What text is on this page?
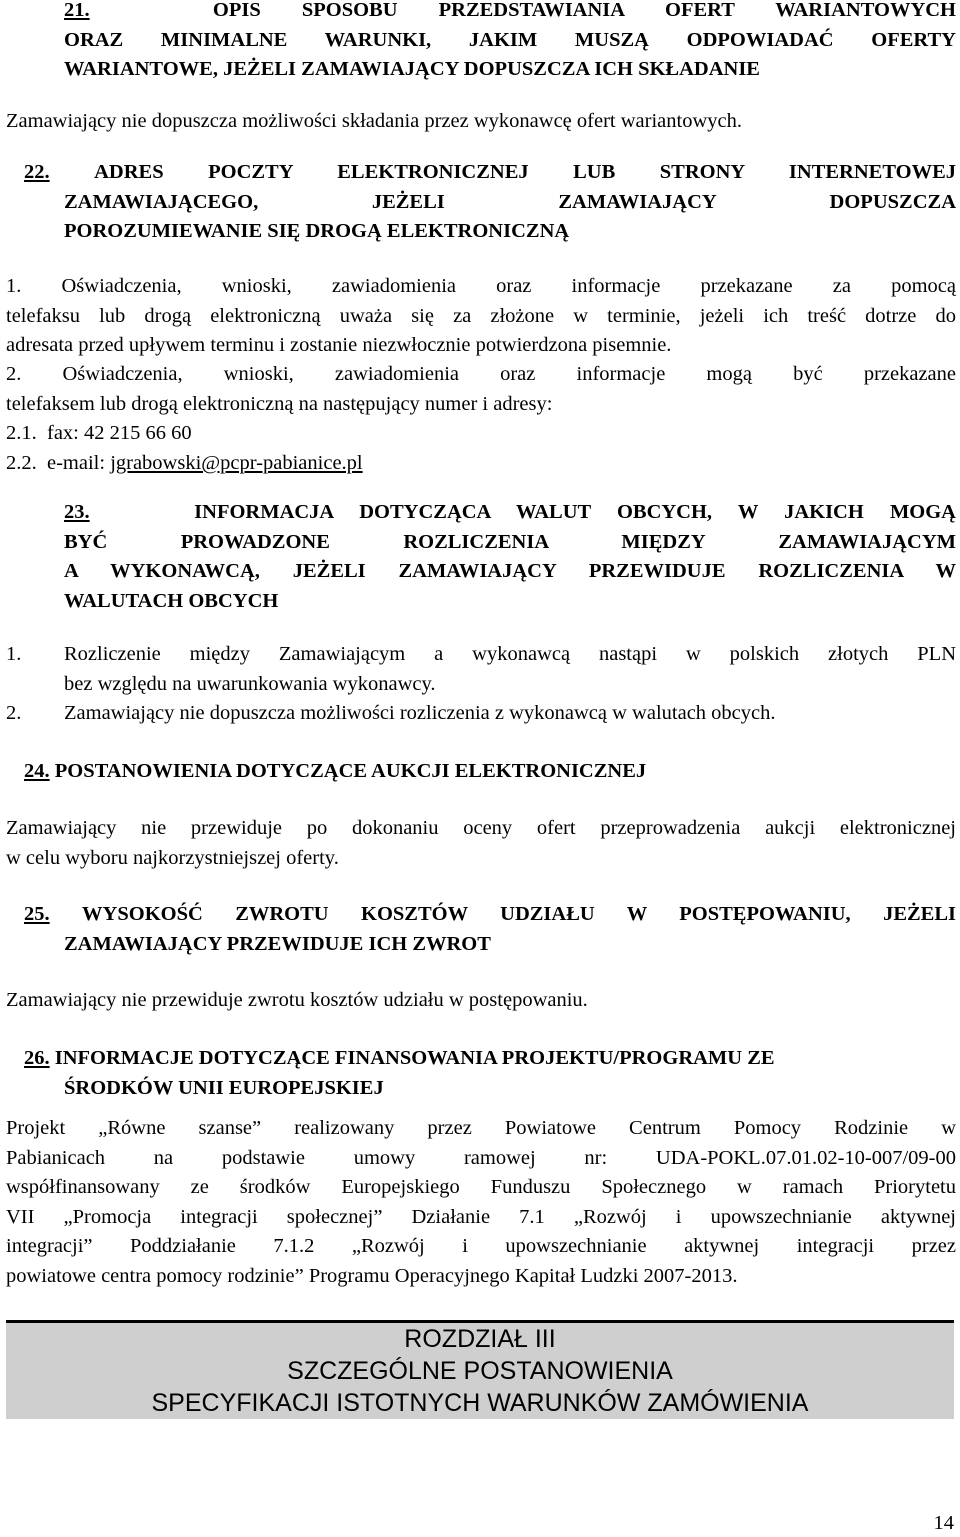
21.	OPIS SPOSOBU PRZEDSTAWIANIA OFERT WARIANTOWYCH
ORAZ MINIMALNE WARUNKI, JAKIM MUSZĄ ODPOWIADAĆ OFERTY
WARIANTOWE, JEŻELI ZAMAWIAJĄCY DOPUSZCZA ICH SKŁADANIE
Zamawiający nie dopuszcza możliwości składania przez wykonawcę ofert wariantowych.
22. ADRES POCZTY ELEKTRONICZNEJ LUB STRONY INTERNETOWEJ
ZAMAWIAJĄCEGO, JEŻELI ZAMAWIAJĄCY DOPUSZCZA
POROZUMIEWANIE SIĘ DROGĄ ELEKTRONICZNĄ
1. Oświadczenia, wnioski, zawiadomienia oraz informacje przekazane za pomocą
telefaksu lub drogą elektroniczną uważa się za złożone w terminie, jeżeli ich treść dotrze do
adresata przed upływem terminu i zostanie niezwłocznie potwierdzona pisemnie.
2. Oświadczenia, wnioski, zawiadomienia oraz informacje mogą być przekazane
telefaksem lub drogą elektroniczną na następujący numer i adresy:
2.1.  fax: 42 215 66 60
2.2.  e-mail: jgrabowski@pcpr-pabianice.pl
23.	INFORMACJA DOTYCZĄCA WALUT OBCYCH, W JAKICH MOGĄ
BYĆ PROWADZONE ROZLICZENIA MIĘDZY ZAMAWIAJĄCYM
A WYKONAWCĄ, JEŻELI ZAMAWIAJĄCY PRZEWIDUJE ROZLICZENIA W
WALUTACH OBCYCH
1.	Rozliczenie między Zamawiającym a wykonawcą nastąpi w polskich złotych PLN
bez względu na uwarunkowania wykonawcy.
2.	Zamawiający nie dopuszcza możliwości rozliczenia z wykonawcą w walutach obcych.
24. POSTANOWIENIA DOTYCZĄCE AUKCJI ELEKTRONICZNEJ
Zamawiający nie przewiduje po dokonaniu oceny ofert przeprowadzenia aukcji elektronicznej
w celu wyboru najkorzystniejszej oferty.
25. WYSOKOŚĆ ZWROTU KOSZTÓW UDZIAŁU W POSTĘPOWANIU, JEŻELI
ZAMAWIAJĄCY PRZEWIDUJE ICH ZWROT
Zamawiający nie przewiduje zwrotu kosztów udziału w postępowaniu.
26. INFORMACJE DOTYCZĄCE FINANSOWANIA PROJEKTU/PROGRAMU ZE
ŚRODKÓW UNII EUROPEJSKIEJ
Projekt „Równe szanse” realizowany przez Powiatowe Centrum Pomocy Rodzinie w
Pabianicach na podstawie umowy ramowej nr: UDA-POKL.07.01.02-10-007/09-00
współfinansowany ze środków Europejskiego Funduszu Społecznego w ramach Priorytetu
VII „Promocja integracji społecznej” Działanie 7.1 „Rozwój i upowszechnianie aktywnej
integracji” Poddziałanie 7.1.2 „Rozwój i upowszechnianie aktywnej integracji przez
powiatowe centra pomocy rodzinie” Programu Operacyjnego Kapitał Ludzki 2007-2013.
ROZDZIAŁ III
SZCZEGÓLNE POSTANOWIENIA
SPECYFIKACJI ISTOTNYCH WARUNKÓW ZAMÓWIENIA
14
